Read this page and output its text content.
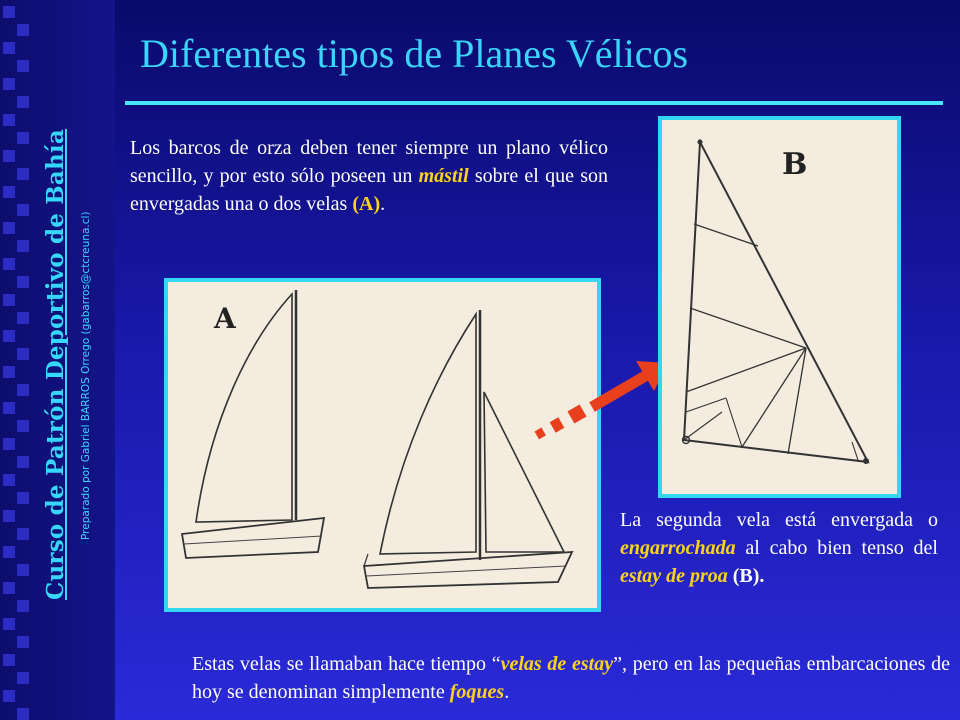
Curso de Patrón Deportivo de Bahía Preparado por Gabriel BARROS Orrego (gabarros@ctcreuna.cl)
Diferentes tipos de Planes Vélicos

Los barcos de orza deben tener siempre un plano vélico sencillo, y por esto sólo poseen un mástil sobre el que son envergadas una o dos velas (A).

A
B

La segunda vela está envergada o engarrochada al cabo bien tenso del estay de proa (B).

Estas velas se llamaban hace tiempo “velas de estay”, pero en las pequeñas embarcaciones de hoy se denominan simplemente foques.
